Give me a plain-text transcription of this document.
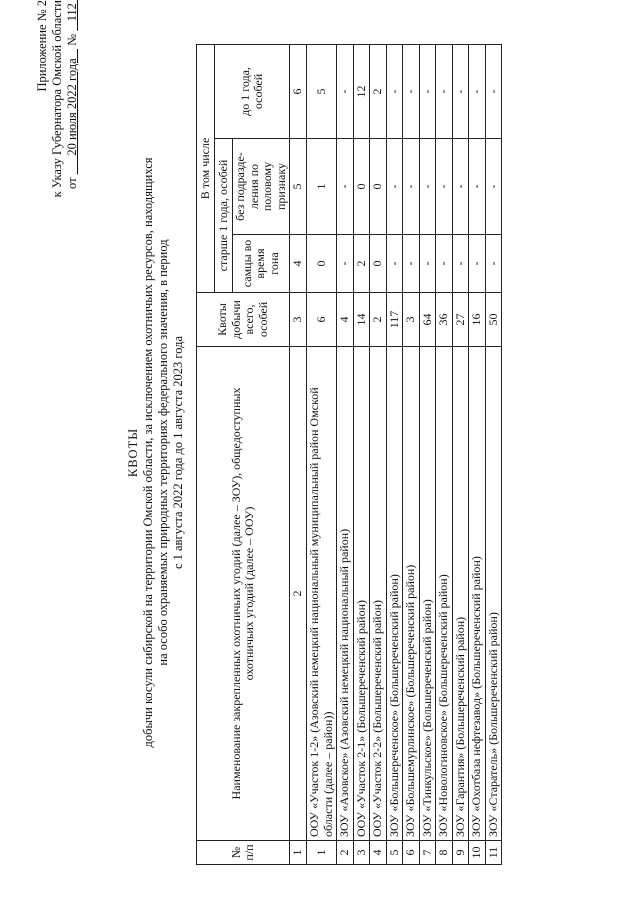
Приложение № 2 к Указу Губернатора Омской области от       20 июля 2022 года    №    112
КВОТЫ добычи косули сибирской на территории Омской области, за исключением охотничьих ресурсов, находящихся на особо охраняемых природных территориях федерального значения, в период с 1 августа 2022 года до 1 августа 2023 года
№ п/п	Наименование закрепленных охотничьих угодий (далее – ЗОУ), общедоступных охотничьих угодий (далее – ООУ)	Квоты добычи всего, особей	В том числе		
			старше 1 года, особей		до 1 года, особей
			самцы во время гона	без подразде-ления по половому признаку	
1	2	3	4	5	6
1	ООУ «Участок 1-2» (Азовский немецкий национальный муниципальный район Омской области (далее – район))	6	0	1	5
2	ЗОУ «Азовское» (Азовский немецкий национальный район)	4	-	-	-
3	ООУ «Участок 2-1» (Большереченский район)	14	2	0	12
4	ООУ «Участок 2-2» (Большереченский район)	2	0	0	2
5	ЗОУ «Большереченское» (Большереченский район)	117	-	-	-
6	ЗОУ «Большемурлинское» (Большереченский район)	3	-	-	-
7	ЗОУ «Тинкульское» (Большереченский район)	64	-	-	-
8	ЗОУ «Новологиновское» (Большереченский район)	36	-	-	-
9	ЗОУ «Гарантия» (Большереченский район)	27	-	-	-
10	ЗОУ «Охотбаза нефтезавод» (Большереченский район)	16	-	-	-
11	ЗОУ «Старатель» (Большереченский район)	50	-	-	-
